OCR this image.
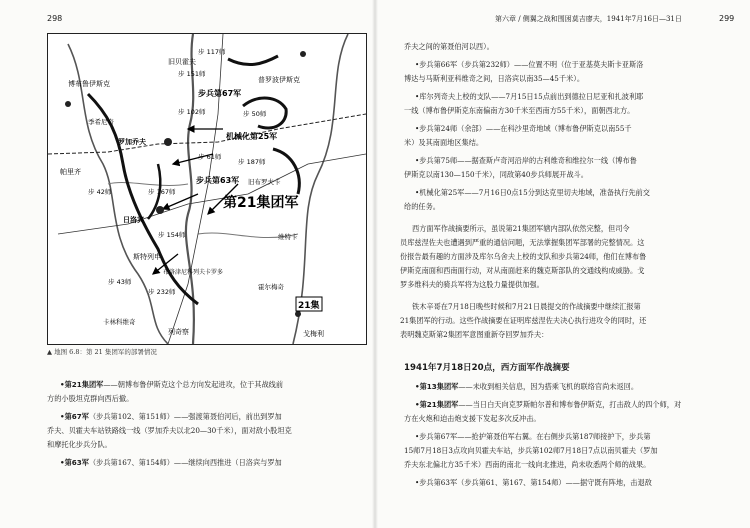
298
21集
第21集团军
步兵第67军
步兵第63军
机械化第25军
普罗波伊斯克
罗加乔夫
日洛宾
斯特列申
布洛津尼科列夫卡罗多
戈梅利
列奇察
博布鲁伊斯克
帕里齐
旧贝霍夫
步 117师
步 151师
步 102师
步 167师
步 154师
步 61师
步 187师
步 232师
步 50师
步 42师
步 43师
维特卡
卡林科维奇
旧布罗夫卡
季希尼奇
霍尔梅奇
▲ 地图 6.8：第 21 集团军的部署情况
•第21集团军——朝博布鲁伊斯克这个总方向发起进攻，位于其战线前
方的小股坦克群向西后撤。
•第67军（步兵第102、第151师）——强渡第聂伯河后，前出到罗加
乔夫、贝霍夫车站铁路线一线（罗加乔夫以北20—30千米），面对敌小股坦克
和摩托化步兵分队。
•第63军（步兵第167、第154师）——继续向西推进（日洛宾与罗加
第六章 / 侧翼之战和围困莫吉廖夫，1941年7月16日—31日	299
乔夫之间的第聂伯河以西）。
•步兵第66军（步兵第232师）——位置不明（位于亚基莫夫斯卡亚斯洛
博达与马斯利亚科维奇之间，日洛宾以南35—45千米）。
•库尔列奇夫上校的支队——7月15日15点前出到德拉日尼亚和扎波利耶
一线（博布鲁伊斯克东南偏南方30千米至西南方55千米），面朝西北方。
•步兵第24师（余部）——在科沙里奇地域（博布鲁伊斯克以南55千
米）及其南面地区集结。
•步兵第75师——据查斯卢奇河沿岸的古利维奇和维拉尔一线（博布鲁
伊斯克以南130—150千米），同敌第40步兵师展开战斗。
•机械化第25军——7月16日0点15分到达克里切夫地域，准备执行先前交
给的任务。
西方面军作战摘要所示，虽说第21集团军辖内部队依然完整，但司令
员库兹涅佐夫也遭遇到严重的通信问题，无法掌握集团军部署的完整情况。这
份报告最有趣的方面涉及库尔乌舍夫上校的支队和步兵第24师，他们在博布鲁
伊斯克南面和西南面行动，对从南面赶来的魏克斯部队的交通线构成威胁。戈
罗多维科夫的骑兵军将为这股力量提供加强。
铁木辛哥在7月18日晚些时候和7月21日晨提交的作战摘要中继续汇报第
21集团军的行动。这些作战摘要在证明库兹涅佐夫决心执行进攻令的同时，还
表明魏克斯第2集团军意图重新夺回罗加乔夫：
1941年7月18日20点，西方面军作战摘要
•第13集团军——未收到相关信息，因为搭乘飞机的联络官尚未返回。
•第21集团军——当日白天向克罗斯帕尔普和博布鲁伊斯克，打击敌人的四个师，对
方在火炮和迫击炮支援下发起多次反冲击。
•步兵第67军——抢护第聂伯军右翼。在右侧步兵第187师接护下，步兵第
15师7月18日3点攻向贝霍夫车站，步兵第102师7月18日7点以南贝霍夫（罗加
乔夫东北偏北方35千米）西南的南北一线向北推进，尚未收悉两个师的战果。
•步兵第63军（步兵第61、第167、第154师）——据守既有阵地，击退敌
